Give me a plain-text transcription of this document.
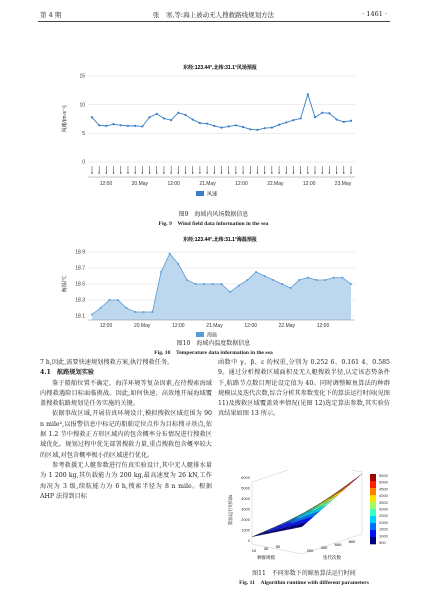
第 4 期	张　寒,等:海上被动无人搜救路线规划方法	· 1461 ·
东经:123.44°,北纬:31.1°风场预报
0
5
10
15
风速/(m·s⁻¹)
12:00	20.May	12:00	21.May	12:00	22.May	12:00	23.May
风速
图9　海域内风场数据信息
Fig. 9　Wind field data information in the sea
东经:123.44°,北纬:31.1°海温预报
18.1
18.3
18.5
18.7
18.9
海温/℃
12:00	20.May	12:00	21.May	12:00	22.May	12:00
海温
图10　海域内温度数据信息
Fig. 10　Temperature data information in the sea

7 h,因此,需要快速规划搜救方案,执行搜救任务。

4.1　航路规划实验

鉴于船舶位置不确定、海洋环境等复杂因素,在待搜索海域内搜救遇险目标面临挑战。因此,如何快速、高效地开展海域覆盖搜救航路规划是任务实施的关键。

依据事故区域,开展仿真环境设计,模拟搜救区域范围为 90 n mile²,以报警信息中标记的船舶定位点作为目标搜寻基点,依据 1.2 节中搜救正方形区域内的包含概率分布情况进行搜救区域优化。规划过程中优先部署搜救力量,重点搜救包含概率较大的区域,对包含概率极小的区域进行优化。

参考救援无人艇参数进行仿真实验设计,其中无人艇排水量为 1 200 kg,其负载能力为 200 kg,最高速度为 26 kN,工作海况为 3 级,续航能力为 6 h,搜索半径为 8 n mile。根据 AHP 法得到目标

函数中 γ、β、ε 的权重,分别为 0.252 6、0.161 4、0.585 9。通过分析搜救区域面积及无人艇搜救半径,认定该态势条件下,航路节点数目理论设定值为 40。同时调整鲸鱼算法的种群规模以及迭代次数,综合分析其参数变化下的算法运行时间(见图 11)及搜救区域覆盖效率情况(见图 12)选定算法参数,其实验仿真结果如图 13 所示。

0
1000
2000
3000
4000
5000
6000
算法运行时间/s
10 30 50
种群规模
200
400
600
800
迭代次数
5500
5000
4500
4000
3500
3000
2500
2000
1500
1000
500
图11　不同参数下的鲸鱼算法运行时间
Fig. 11　Algorithm runtime with different parameters
